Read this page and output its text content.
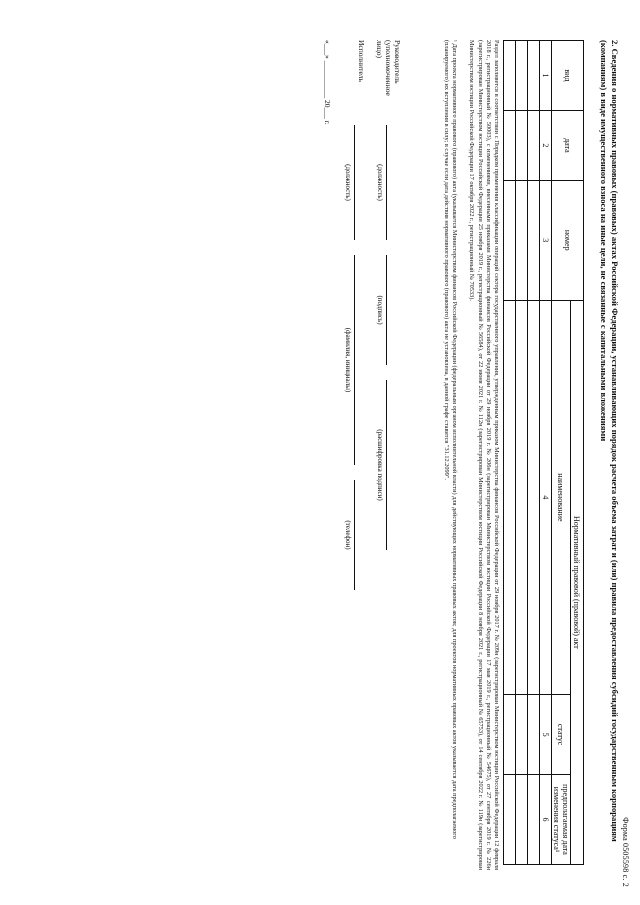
Форма 0505598 с. 2
2. Сведения о нормативных правовых (правовых) актах Российской Федерации, устанавливающих порядок расчета объема затрат и (или) правила предоставления субсидий государственным корпорациям (компаниям) в виде имущественного взноса на иные цели, не связанные с капитальными вложениями
вид	дата	номер	Нормативный правовой (правовой) акт		
			наименование	статус	предполагаемая дата изменения статуса¹
1	2	3	4	5	6

Раздел заполняется в соответствии с Порядком применения классификации операций сектора государственного управления, утвержденным приказом Министерства финансов Российской Федерации от 29 ноября 2017 г. № 209н (зарегистрирован Министерством юстиции Российской Федерации 12 февраля 2018 г., регистрационный № 50003), с изменениями, внесенными приказами Министерства финансов Российской Федерации от 29 ноября 2019 г. № 206н (зарегистрирован Министерством юстиции Российской Федерации 17 мая 2019 г., регистрационный № 54675), от 27 сентября 2019 г. № 226н (зарегистрирован Министерством юстиции Российской Федерации 25 ноября 2019 г., регистрационный № 56584), от 22 июня 2021 г. № 112н (зарегистрирован Министерством юстиции Российской Федерации 8 ноября 2021 г., регистрационный № 65753), от 14 сентября 2022 г. № 119н (зарегистрирован Министерством юстиции Российской Федерации 17 октября 2022 г., регистрационный № 70533).
¹ Дата проекта нормативного правового (правового) акта (указывается Министерством финансов Российской Федерации (федеральным органом исполнительной власти) для действующих нормативных правовых актов; для проектов нормативных правовых актов указывается дата предполагаемого (планируемого) их вступления в силу; в случае если дата действия нормативного правового (правового) акта не установлена, в данной графе ставится "31.12.2099".
Руководитель
(уполномоченное лицо)
(должность)
(подпись)
(расшифровка подписи)
Исполнитель
(должность)
(фамилия, инициалы)
(телефон)
«___» __________ 20___ г.
